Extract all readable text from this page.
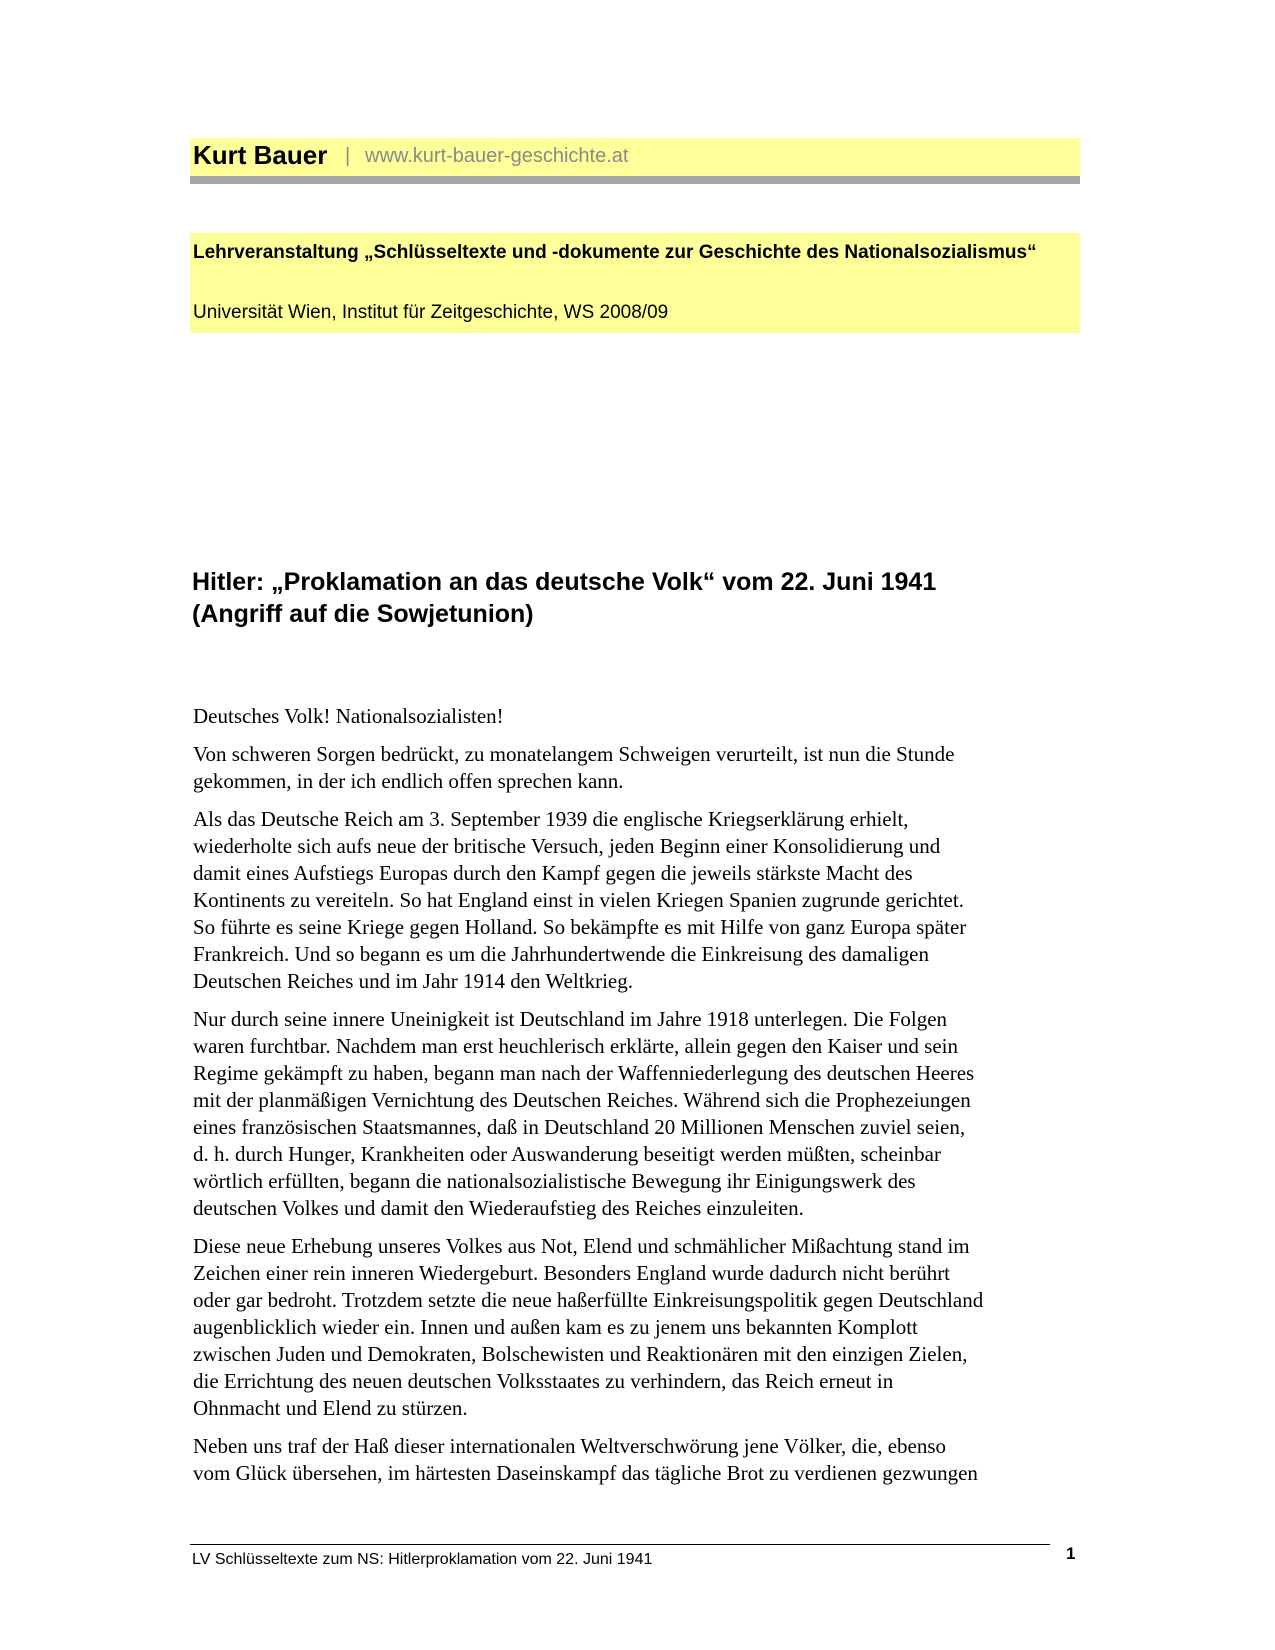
Kurt Bauer | www.kurt-bauer-geschichte.at
Lehrveranstaltung „Schlüsseltexte und -dokumente zur Geschichte des Nationalsozialismus“
Universität Wien, Institut für Zeitgeschichte, WS 2008/09
Hitler: „Proklamation an das deutsche Volk“ vom 22. Juni 1941
(Angriff auf die Sowjetunion)

Deutsches Volk! Nationalsozialisten!

Von schweren Sorgen bedrückt, zu monatelangem Schweigen verurteilt, ist nun die Stunde
gekommen, in der ich endlich offen sprechen kann.

Als das Deutsche Reich am 3. September 1939 die englische Kriegserklärung erhielt,
wiederholte sich aufs neue der britische Versuch, jeden Beginn einer Konsolidierung und
damit eines Aufstiegs Europas durch den Kampf gegen die jeweils stärkste Macht des
Kontinents zu vereiteln. So hat England einst in vielen Kriegen Spanien zugrunde gerichtet.
So führte es seine Kriege gegen Holland. So bekämpfte es mit Hilfe von ganz Europa später
Frankreich. Und so begann es um die Jahrhundertwende die Einkreisung des damaligen
Deutschen Reiches und im Jahr 1914 den Weltkrieg.

Nur durch seine innere Uneinigkeit ist Deutschland im Jahre 1918 unterlegen. Die Folgen
waren furchtbar. Nachdem man erst heuchlerisch erklärte, allein gegen den Kaiser und sein
Regime gekämpft zu haben, begann man nach der Waffenniederlegung des deutschen Heeres
mit der planmäßigen Vernichtung des Deutschen Reiches. Während sich die Prophezeiungen
eines französischen Staatsmannes, daß in Deutschland 20 Millionen Menschen zuviel seien,
d. h. durch Hunger, Krankheiten oder Auswanderung beseitigt werden müßten, scheinbar
wörtlich erfüllten, begann die nationalsozialistische Bewegung ihr Einigungswerk des
deutschen Volkes und damit den Wiederaufstieg des Reiches einzuleiten.

Diese neue Erhebung unseres Volkes aus Not, Elend und schmählicher Mißachtung stand im
Zeichen einer rein inneren Wiedergeburt. Besonders England wurde dadurch nicht berührt
oder gar bedroht. Trotzdem setzte die neue haßerfüllte Einkreisungspolitik gegen Deutschland
augenblicklich wieder ein. Innen und außen kam es zu jenem uns bekannten Komplott
zwischen Juden und Demokraten, Bolschewisten und Reaktionären mit den einzigen Zielen,
die Errichtung des neuen deutschen Volksstaates zu verhindern, das Reich erneut in
Ohnmacht und Elend zu stürzen.

Neben uns traf der Haß dieser internationalen Weltverschwörung jene Völker, die, ebenso
vom Glück übersehen, im härtesten Daseinskampf das tägliche Brot zu verdienen gezwungen

LV Schlüsseltexte zum NS: Hitlerproklamation vom 22. Juni 1941	1
